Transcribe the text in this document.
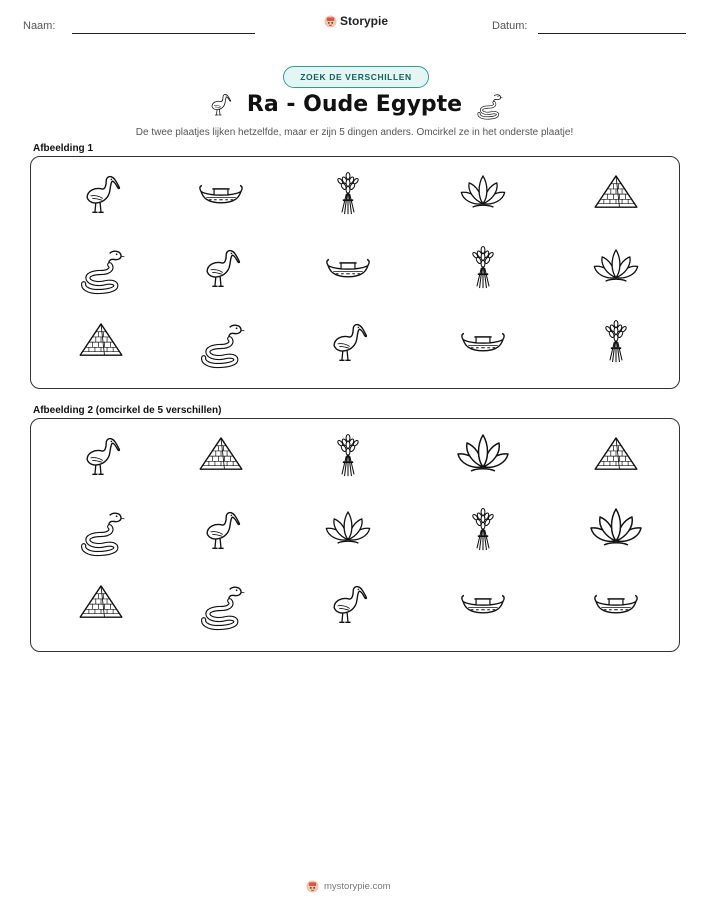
Naam:	Storypie	Datum:
ZOEK DE VERSCHILLEN
Ra - Oude Egypte
De twee plaatjes lijken hetzelfde, maar er zijn 5 dingen anders. Omcirkel ze in het onderste plaatje!
Afbeelding 1
Afbeelding 2 (omcirkel de 5 verschillen)
mystorypie.com
